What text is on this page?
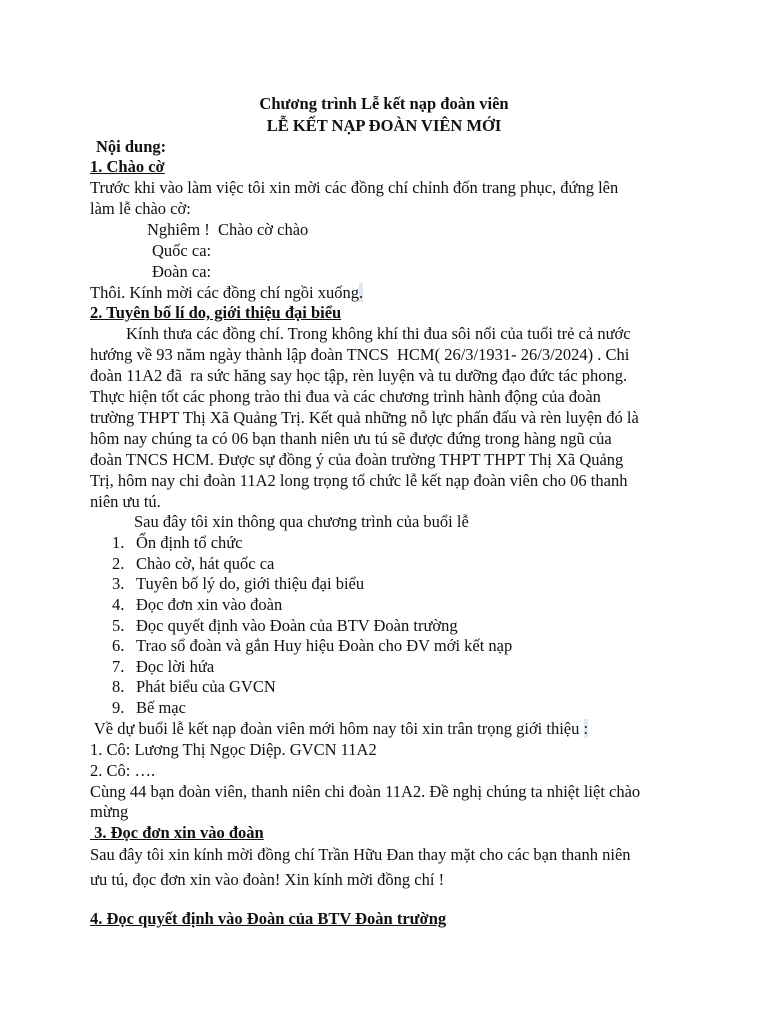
Chương trình Lễ kết nạp đoàn viên
LỄ KẾT NẠP ĐOÀN VIÊN MỚI
Nội dung:
1. Chào cờ
Trước khi vào làm việc tôi xin mời các đồng chí chỉnh đốn trang phục, đứng lên
làm lễ chào cờ:
Nghiêm !  Chào cờ chào
Quốc ca:
Đoàn ca:
Thôi. Kính mời các đồng chí ngồi xuống.
2. Tuyên bố lí do, giới thiệu đại biểu
Kính thưa các đồng chí. Trong không khí thi đua sôi nổi của tuổi trẻ cả nước
hướng về 93 năm ngày thành lập đoàn TNCS  HCM( 26/3/1931- 26/3/2024) . Chi
đoàn 11A2 đã  ra sức hăng say học tập, rèn luyện và tu dưỡng đạo đức tác phong.
Thực hiện tốt các phong trào thi đua và các chương trình hành động của đoàn
trường THPT Thị Xã Quảng Trị. Kết quả những nỗ lực phấn đấu và rèn luyện đó là
hôm nay chúng ta có 06 bạn thanh niên ưu tú sẽ được đứng trong hàng ngũ của
đoàn TNCS HCM. Được sự đồng ý của đoàn trường THPT THPT Thị Xã Quảng
Trị, hôm nay chi đoàn 11A2 long trọng tổ chức lễ kết nạp đoàn viên cho 06 thanh
niên ưu tú.
Sau đây tôi xin thông qua chương trình của buổi lễ
1. Ổn định tổ chức
2. Chào cờ, hát quốc ca
3. Tuyên bố lý do, giới thiệu đại biểu
4. Đọc đơn xin vào đoàn
5. Đọc quyết định vào Đoàn của BTV Đoàn trường
6. Trao sổ đoàn và gắn Huy hiệu Đoàn cho ĐV mới kết nạp
7. Đọc lời hứa
8. Phát biểu của GVCN
9. Bế mạc
Về dự buổi lễ kết nạp đoàn viên mới hôm nay tôi xin trân trọng giới thiệu :
1. Cô: Lương Thị Ngọc Diệp. GVCN 11A2
2. Cô: ….
Cùng 44 bạn đoàn viên, thanh niên chi đoàn 11A2. Đề nghị chúng ta nhiệt liệt chào
mừng
3. Đọc đơn xin vào đoàn
Sau đây tôi xin kính mời đồng chí Trần Hữu Đan thay mặt cho các bạn thanh niên
ưu tú, đọc đơn xin vào đoàn! Xin kính mời đồng chí !
4. Đọc quyết định vào Đoàn của BTV Đoàn trường
